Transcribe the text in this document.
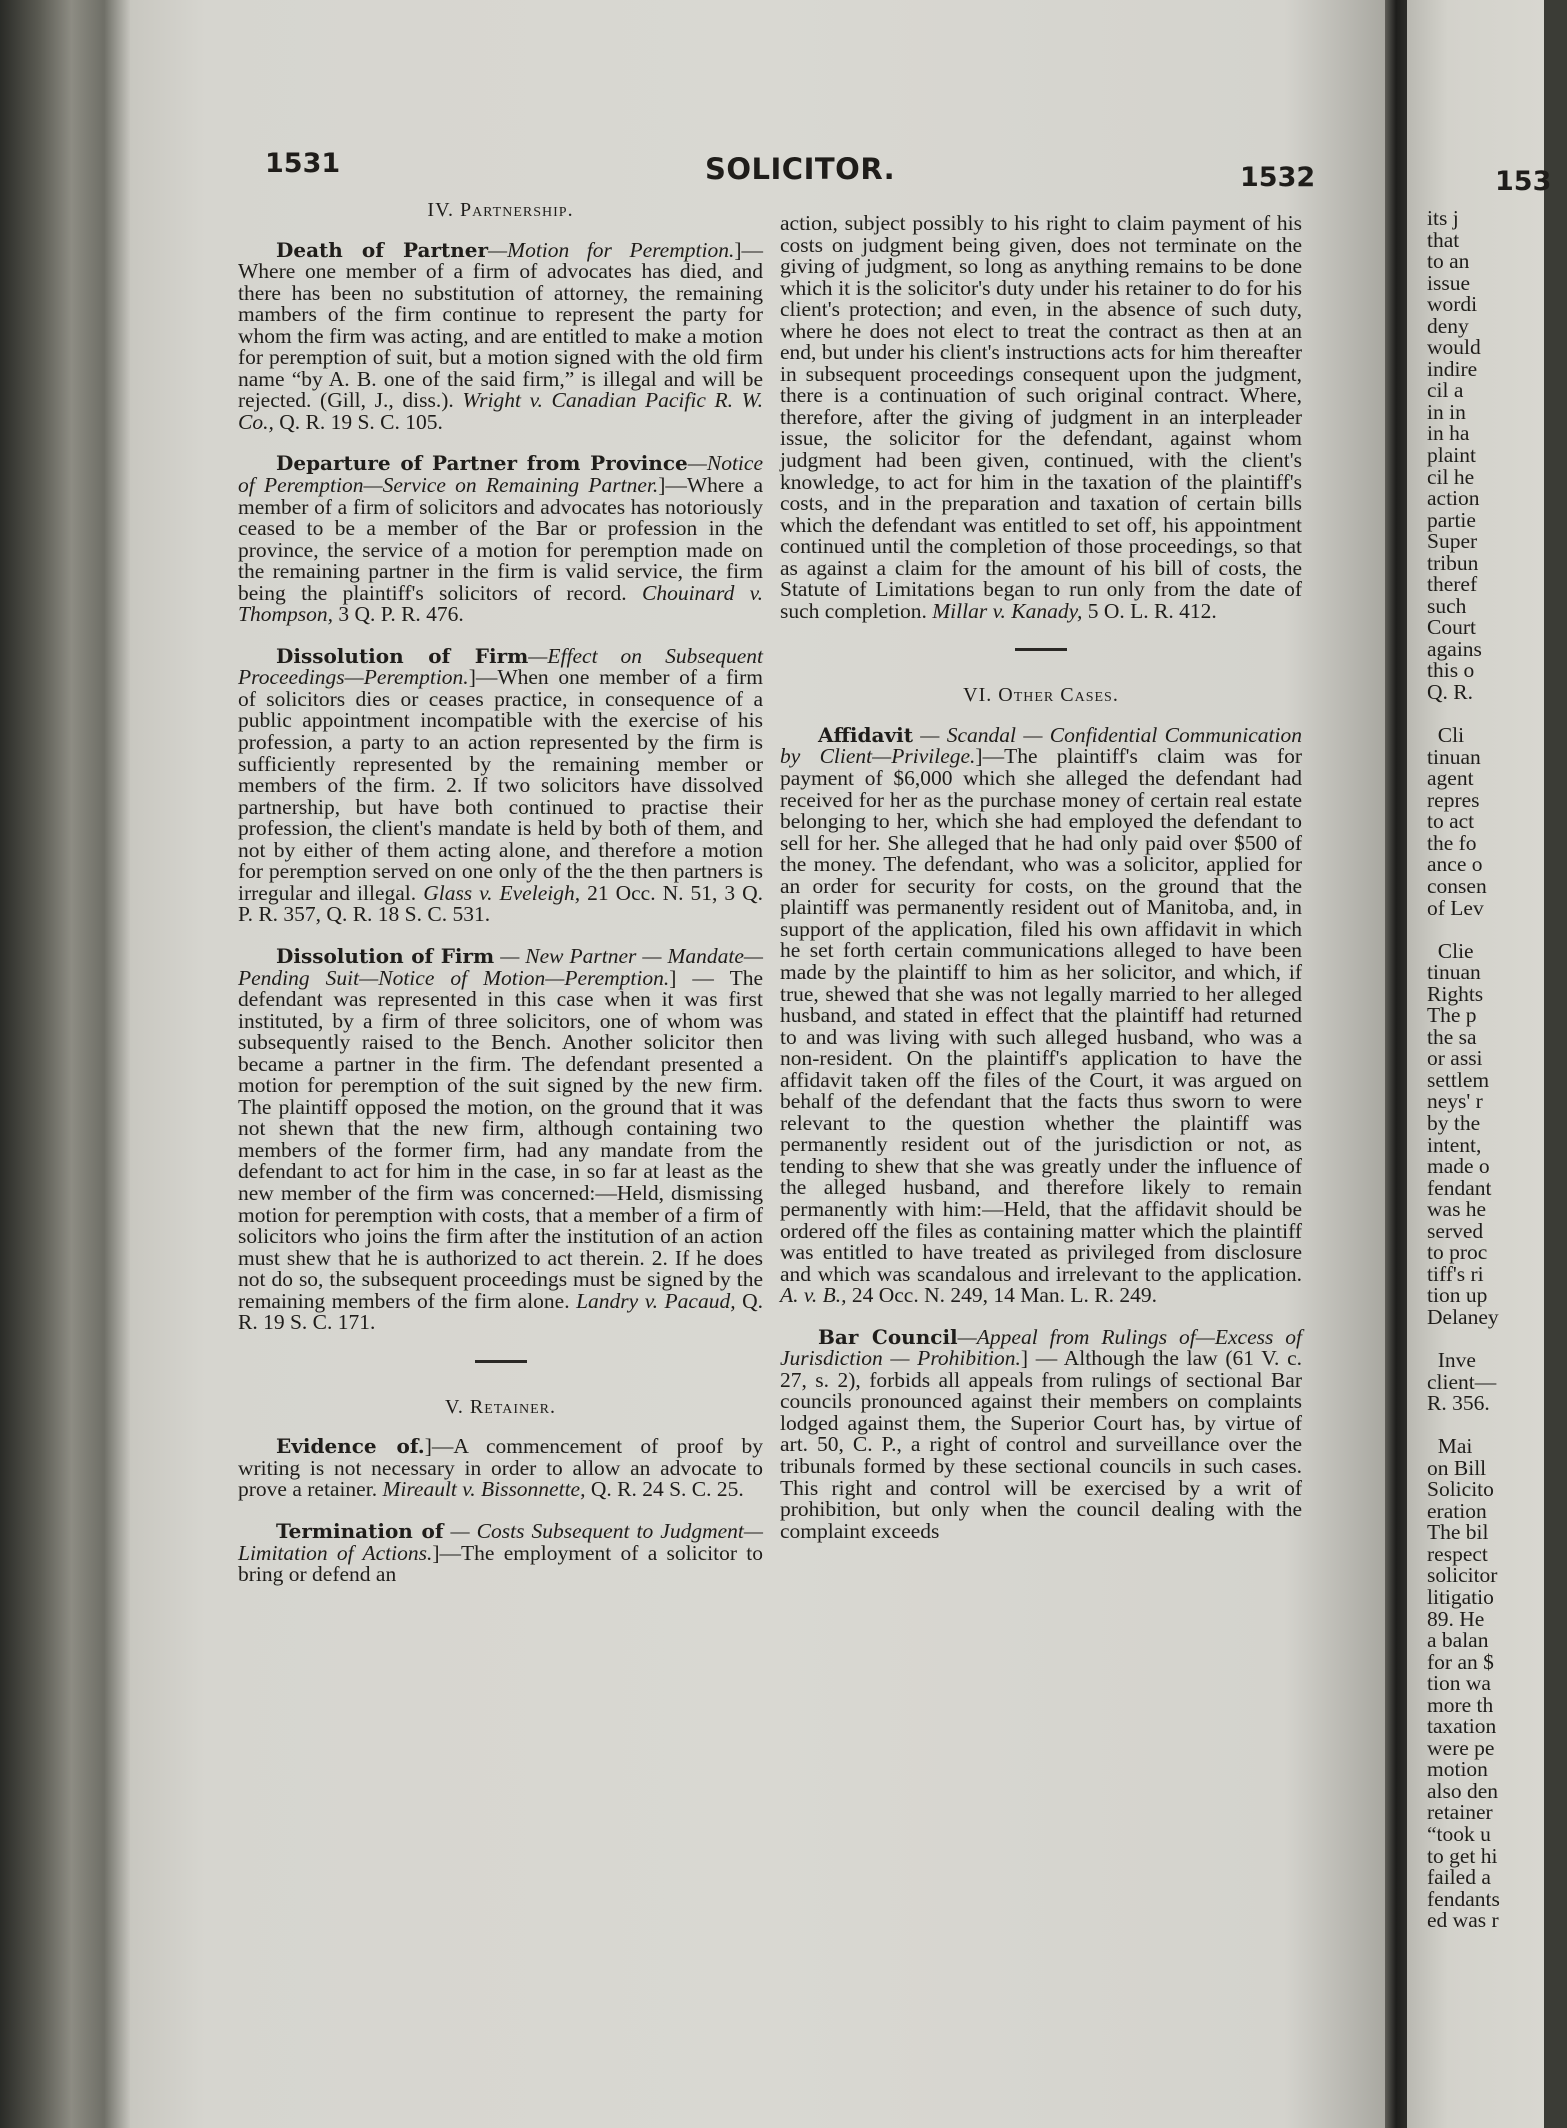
1531	SOLICITOR.	1532
IV. Partnership.

Death of Partner—Motion for Peremption.]—Where one member of a firm of advocates has died, and there has been no substitution of attorney, the remaining mambers of the firm continue to represent the party for whom the firm was acting, and are entitled to make a motion for peremption of suit, but a motion signed with the old firm name “by A. B. one of the said firm,” is illegal and will be rejected. (Gill, J., diss.). Wright v. Canadian Pacific R. W. Co., Q. R. 19 S. C. 105.

Departure of Partner from Province—Notice of Peremption—Service on Remaining Partner.]—Where a member of a firm of solicitors and advocates has notoriously ceased to be a member of the Bar or profession in the province, the service of a motion for peremption made on the remaining partner in the firm is valid service, the firm being the plaintiff's solicitors of record. Chouinard v. Thompson, 3 Q. P. R. 476.

Dissolution of Firm—Effect on Subsequent Proceedings—Peremption.]—When one member of a firm of solicitors dies or ceases practice, in consequence of a public appointment incompatible with the exercise of his profession, a party to an action represented by the firm is sufficiently represented by the remaining member or members of the firm. 2. If two solicitors have dissolved partnership, but have both continued to practise their profession, the client's mandate is held by both of them, and not by either of them acting alone, and therefore a motion for peremption served on one only of the the then partners is irregular and illegal. Glass v. Eveleigh, 21 Occ. N. 51, 3 Q. P. R. 357, Q. R. 18 S. C. 531.

Dissolution of Firm — New Partner — Mandate—Pending Suit—Notice of Motion—Peremption.] — The defendant was represented in this case when it was first instituted, by a firm of three solicitors, one of whom was subsequently raised to the Bench. Another solicitor then became a partner in the firm. The defendant presented a motion for peremption of the suit signed by the new firm. The plaintiff opposed the motion, on the ground that it was not shewn that the new firm, although containing two members of the former firm, had any mandate from the defendant to act for him in the case, in so far at least as the new member of the firm was concerned:—Held, dismissing motion for peremption with costs, that a member of a firm of solicitors who joins the firm after the institution of an action must shew that he is authorized to act therein. 2. If he does not do so, the subsequent proceedings must be signed by the remaining members of the firm alone. Landry v. Pacaud, Q. R. 19 S. C. 171.

V. Retainer.

Evidence of.]—A commencement of proof by writing is not necessary in order to allow an advocate to prove a retainer. Mireault v. Bissonnette, Q. R. 24 S. C. 25.

Termination of — Costs Subsequent to Judgment—Limitation of Actions.]—The employment of a solicitor to bring or defend an

action, subject possibly to his right to claim payment of his costs on judgment being given, does not terminate on the giving of judgment, so long as anything remains to be done which it is the solicitor's duty under his retainer to do for his client's protection; and even, in the absence of such duty, where he does not elect to treat the contract as then at an end, but under his client's instructions acts for him thereafter in subsequent proceedings consequent upon the judgment, there is a continuation of such original contract. Where, therefore, after the giving of judgment in an interpleader issue, the solicitor for the defendant, against whom judgment had been given, continued, with the client's knowledge, to act for him in the taxation of the plaintiff's costs, and in the preparation and taxation of certain bills which the defendant was entitled to set off, his appointment continued until the completion of those proceedings, so that as against a claim for the amount of his bill of costs, the Statute of Limitations began to run only from the date of such completion. Millar v. Kanady, 5 O. L. R. 412.

VI. Other Cases.

Affidavit — Scandal — Confidential Communication by Client—Privilege.]—The plaintiff's claim was for payment of $6,000 which she alleged the defendant had received for her as the purchase money of certain real estate belonging to her, which she had employed the defendant to sell for her. She alleged that he had only paid over $500 of the money. The defendant, who was a solicitor, applied for an order for security for costs, on the ground that the plaintiff was permanently resident out of Manitoba, and, in support of the application, filed his own affidavit in which he set forth certain communications alleged to have been made by the plaintiff to him as her solicitor, and which, if true, shewed that she was not legally married to her alleged husband, and stated in effect that the plaintiff had returned to and was living with such alleged husband, who was a non-resident. On the plaintiff's application to have the affidavit taken off the files of the Court, it was argued on behalf of the defendant that the facts thus sworn to were relevant to the question whether the plaintiff was permanently resident out of the jurisdiction or not, as tending to shew that she was greatly under the influence of the alleged husband, and therefore likely to remain permanently with him:—Held, that the affidavit should be ordered off the files as containing matter which the plaintiff was entitled to have treated as privileged from disclosure and which was scandalous and irrelevant to the application. A. v. B., 24 Occ. N. 249, 14 Man. L. R. 249.

Bar Council—Appeal from Rulings of—Excess of Jurisdiction — Prohibition.] — Although the law (61 V. c. 27, s. 2), forbids all appeals from rulings of sectional Bar councils pronounced against their members on complaints lodged against them, the Superior Court has, by virtue of art. 50, C. P., a right of control and surveillance over the tribunals formed by these sectional councils in such cases. This right and control will be exercised by a writ of prohibition, but only when the council dealing with the complaint exceeds

153
its j
that
to an
issue
wordi
deny
would
indire
cil a
in in
in ha
plaint
cil he
action
partie
Super
tribun
theref
such
Court
agains
this o
Q. R.

Cli
tinuan
agent
repres
to act
the fo
ance o
consen
of Lev

Clie
tinuan
Rights
The p
the sa
or assi
settlem
neys' r
by the
intent,
made o
fendant
was he
served
to proc
tiff's ri
tion up
Delaney

Inve
client—
R. 356.

Mai
on Bill
Solicito
eration
The bil
respect
solicitor
litigatio
89. He
a balan
for an $
tion wa
more th
taxation
were pe
motion
also den
retainer
“took u
to get hi
failed a
fendants
ed was r
